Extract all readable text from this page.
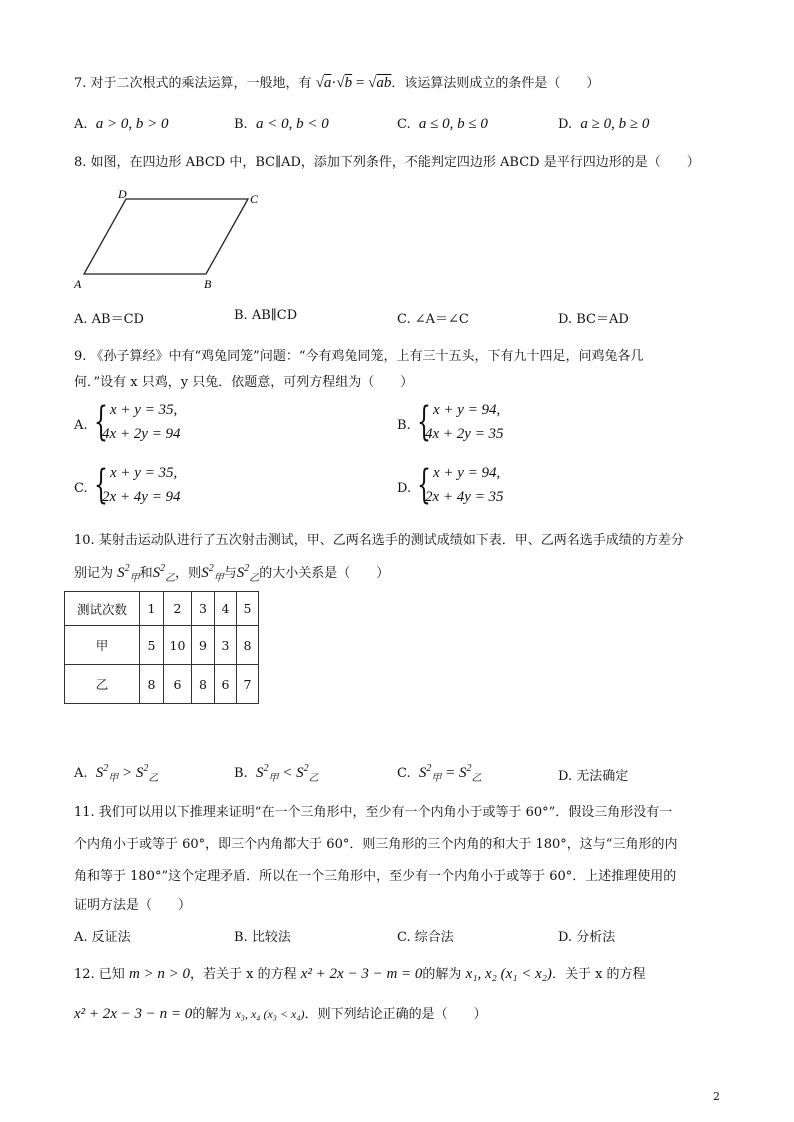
7. 对于二次根式的乘法运算，一般地，有 √a·√b = √ab．该运算法则成立的条件是（　　）
A. a > 0, b > 0	B. a < 0, b < 0	C. a ≤ 0, b ≤ 0	D. a ≥ 0, b ≥ 0
8. 如图，在四边形 ABCD 中，BC∥AD，添加下列条件，不能判定四边形 ABCD 是平行四边形的是（　　）
D	C
A	B
A. AB＝CD	B. AB∥CD	C. ∠A＝∠C	D. BC＝AD
9. 《孙子算经》中有“鸡兔同笼”问题：“今有鸡兔同笼，上有三十五头，下有九十四足，问鸡兔各几
何．”设有 x 只鸡，y 只兔．依题意，可列方程组为（　　）
A. { x + y = 35,
4x + 2y = 94
B. { x + y = 94,
4x + 2y = 35
C. { x + y = 35,
2x + 4y = 94
D. { x + y = 94,
2x + 4y = 35
10. 某射击运动队进行了五次射击测试，甲、乙两名选手的测试成绩如下表．甲、乙两名选手成绩的方差分
别记为 $S^2_甲$和$S^2_乙$，则$S^2_甲$与$S^2_乙$的大小关系是（　　）
测试次数	1	2	3	4	5
甲	5	10	9	3	8
乙	8	6	8	6	7
A. $S^2_甲 > S^2_乙$	B. $S^2_甲 < S^2_乙$	C. $S^2_甲 = S^2_乙$	D. 无法确定
11. 我们可以用以下推理来证明“在一个三角形中，至少有一个内角小于或等于 60°”．假设三角形没有一
个内角小于或等于 60°，即三个内角都大于 60°．则三角形的三个内角的和大于 180°，这与“三角形的内
角和等于 180°”这个定理矛盾．所以在一个三角形中，至少有一个内角小于或等于 60°．上述推理使用的
证明方法是（　　）
A. 反证法	B. 比较法	C. 综合法	D. 分析法
12. 已知 m > n > 0，若关于 x 的方程 x² + 2x − 3 − m = 0的解为 x₁, x₂ (x₁ < x₂)．关于 x 的方程
x² + 2x − 3 − n = 0的解为 x₃, x₄ (x₃ < x₄)．则下列结论正确的是（　　）
2
